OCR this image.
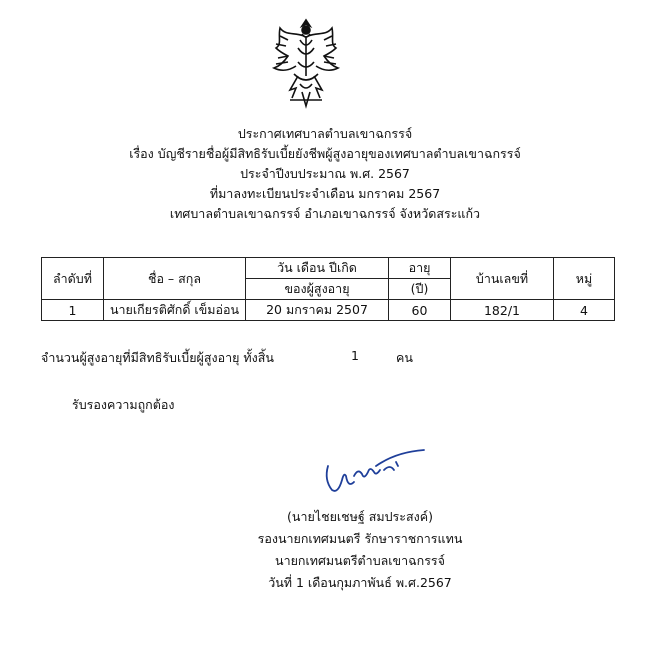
ประกาศเทศบาลตำบลเขาฉกรรจ์
เรื่อง บัญชีรายชื่อผู้มีสิทธิรับเบี้ยยังชีพผู้สูงอายุของเทศบาลตำบลเขาฉกรรจ์
ประจำปีงบประมาณ พ.ศ. 2567
ที่มาลงทะเบียนประจำเดือน มกราคม 2567
เทศบาลตำบลเขาฉกรรจ์ อำเภอเขาฉกรรจ์ จังหวัดสระแก้ว
ลำดับที่	ชื่อ – สกุล	วัน เดือน ปีเกิด	อายุ	บ้านเลขที่	หมู่
		ของผู้สูงอายุ	(ปี)		
1	นายเกียรติศักดิ์ เข็มอ่อน	20 มกราคม 2507	60	182/1	4
จำนวนผู้สูงอายุที่มีสิทธิรับเบี้ยผู้สูงอายุ ทั้งสิ้น	1	คน
รับรองความถูกต้อง
(นายไชยเชษฐ์ สมประสงค์)
รองนายกเทศมนตรี รักษาราชการแทน
นายกเทศมนตรีตำบลเขาฉกรรจ์
วันที่ 1 เดือนกุมภาพันธ์ พ.ศ.2567
